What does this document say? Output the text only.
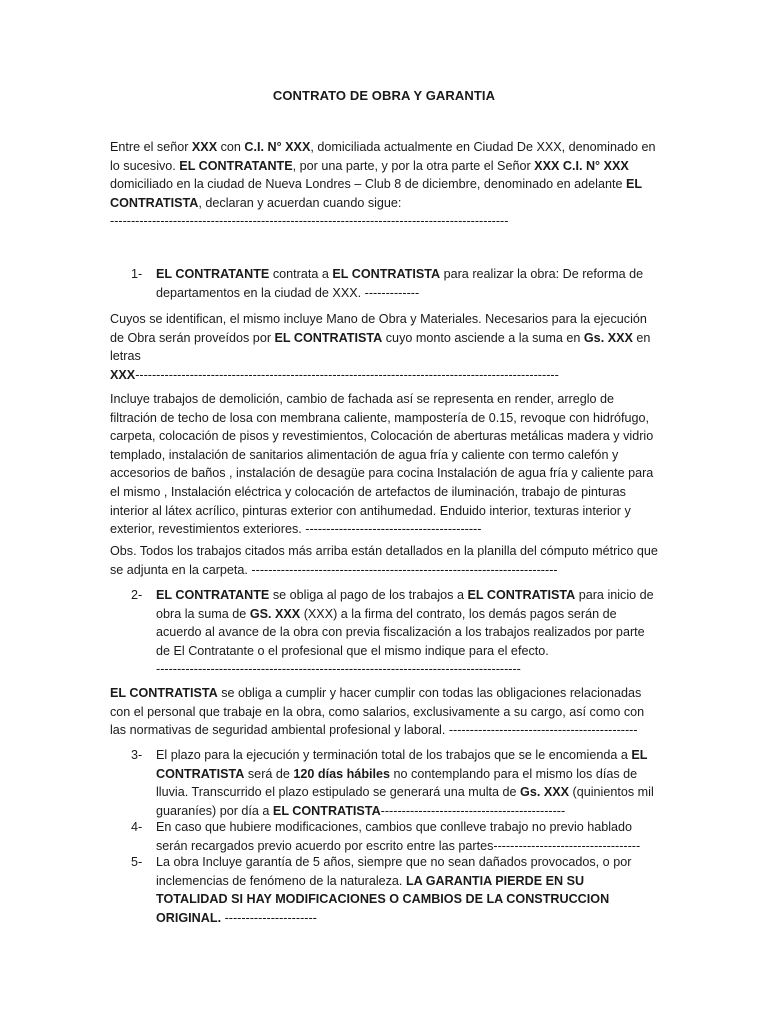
CONTRATO DE OBRA Y GARANTIA
Entre el señor XXX con C.I. N° XXX, domiciliada actualmente en Ciudad De XXX, denominado en lo sucesivo. EL CONTRATANTE, por una parte, y por la otra parte el Señor XXX C.I. N° XXX domiciliado en la ciudad de Nueva Londres – Club 8 de diciembre, denominado en adelante EL CONTRATISTA, declaran y acuerdan cuando sigue:
-----------------------------------------------------------------------------------------------
1-	EL CONTRATANTE contrata a EL CONTRATISTA para realizar la obra: De reforma de departamentos en la ciudad de XXX. -------------
Cuyos se identifican, el mismo incluye Mano de Obra y Materiales. Necesarios para la ejecución de Obra serán proveídos por EL CONTRATISTA cuyo monto asciende a la suma en Gs. XXX en letras
XXX-----------------------------------------------------------------------------------------------------
Incluye trabajos de demolición, cambio de fachada así se representa en render, arreglo de filtración de techo de losa con membrana caliente, mampostería de 0.15, revoque con hidrófugo, carpeta, colocación de pisos y revestimientos, Colocación de aberturas metálicas madera y vidrio templado, instalación de sanitarios alimentación de agua fría y caliente con termo calefón y accesorios de baños , instalación de desagüe para cocina Instalación de agua fría y caliente para el mismo , Instalación eléctrica y colocación de artefactos de iluminación, trabajo de pinturas interior al látex acrílico, pinturas exterior con antihumedad. Enduido interior, texturas interior y exterior, revestimientos exteriores. ------------------------------------------
Obs. Todos los trabajos citados más arriba están detallados en la planilla del cómputo métrico que se adjunta en la carpeta. -------------------------------------------------------------------------
2-	EL CONTRATANTE se obliga al pago de los trabajos a EL CONTRATISTA para inicio de obra la suma de GS. XXX (XXX) a la firma del contrato, los demás pagos serán de acuerdo al avance de la obra con previa fiscalización a los trabajos realizados por parte de El Contratante o el profesional que el mismo indique para el efecto.
---------------------------------------------------------------------------------------
EL CONTRATISTA se obliga a cumplir y hacer cumplir con todas las obligaciones relacionadas con el personal que trabaje en la obra, como salarios, exclusivamente a su cargo, así como con las normativas de seguridad ambiental profesional y laboral. ---------------------------------------------
3-	El plazo para la ejecución y terminación total de los trabajos que se le encomienda a EL CONTRATISTA será de 120 días hábiles no contemplando para el mismo los días de lluvia. Transcurrido el plazo estipulado se generará una multa de Gs. XXX (quinientos mil guaraníes) por día a EL CONTRATISTA--------------------------------------------
4-	En caso que hubiere modificaciones, cambios que conlleve trabajo no previo hablado serán recargados previo acuerdo por escrito entre las partes-----------------------------------
5-	La obra Incluye garantía de 5 años, siempre que no sean dañados provocados, o por inclemencias de fenómeno de la naturaleza. LA GARANTIA PIERDE EN SU TOTALIDAD SI HAY MODIFICACIONES O CAMBIOS DE LA CONSTRUCCION ORIGINAL. ----------------------
